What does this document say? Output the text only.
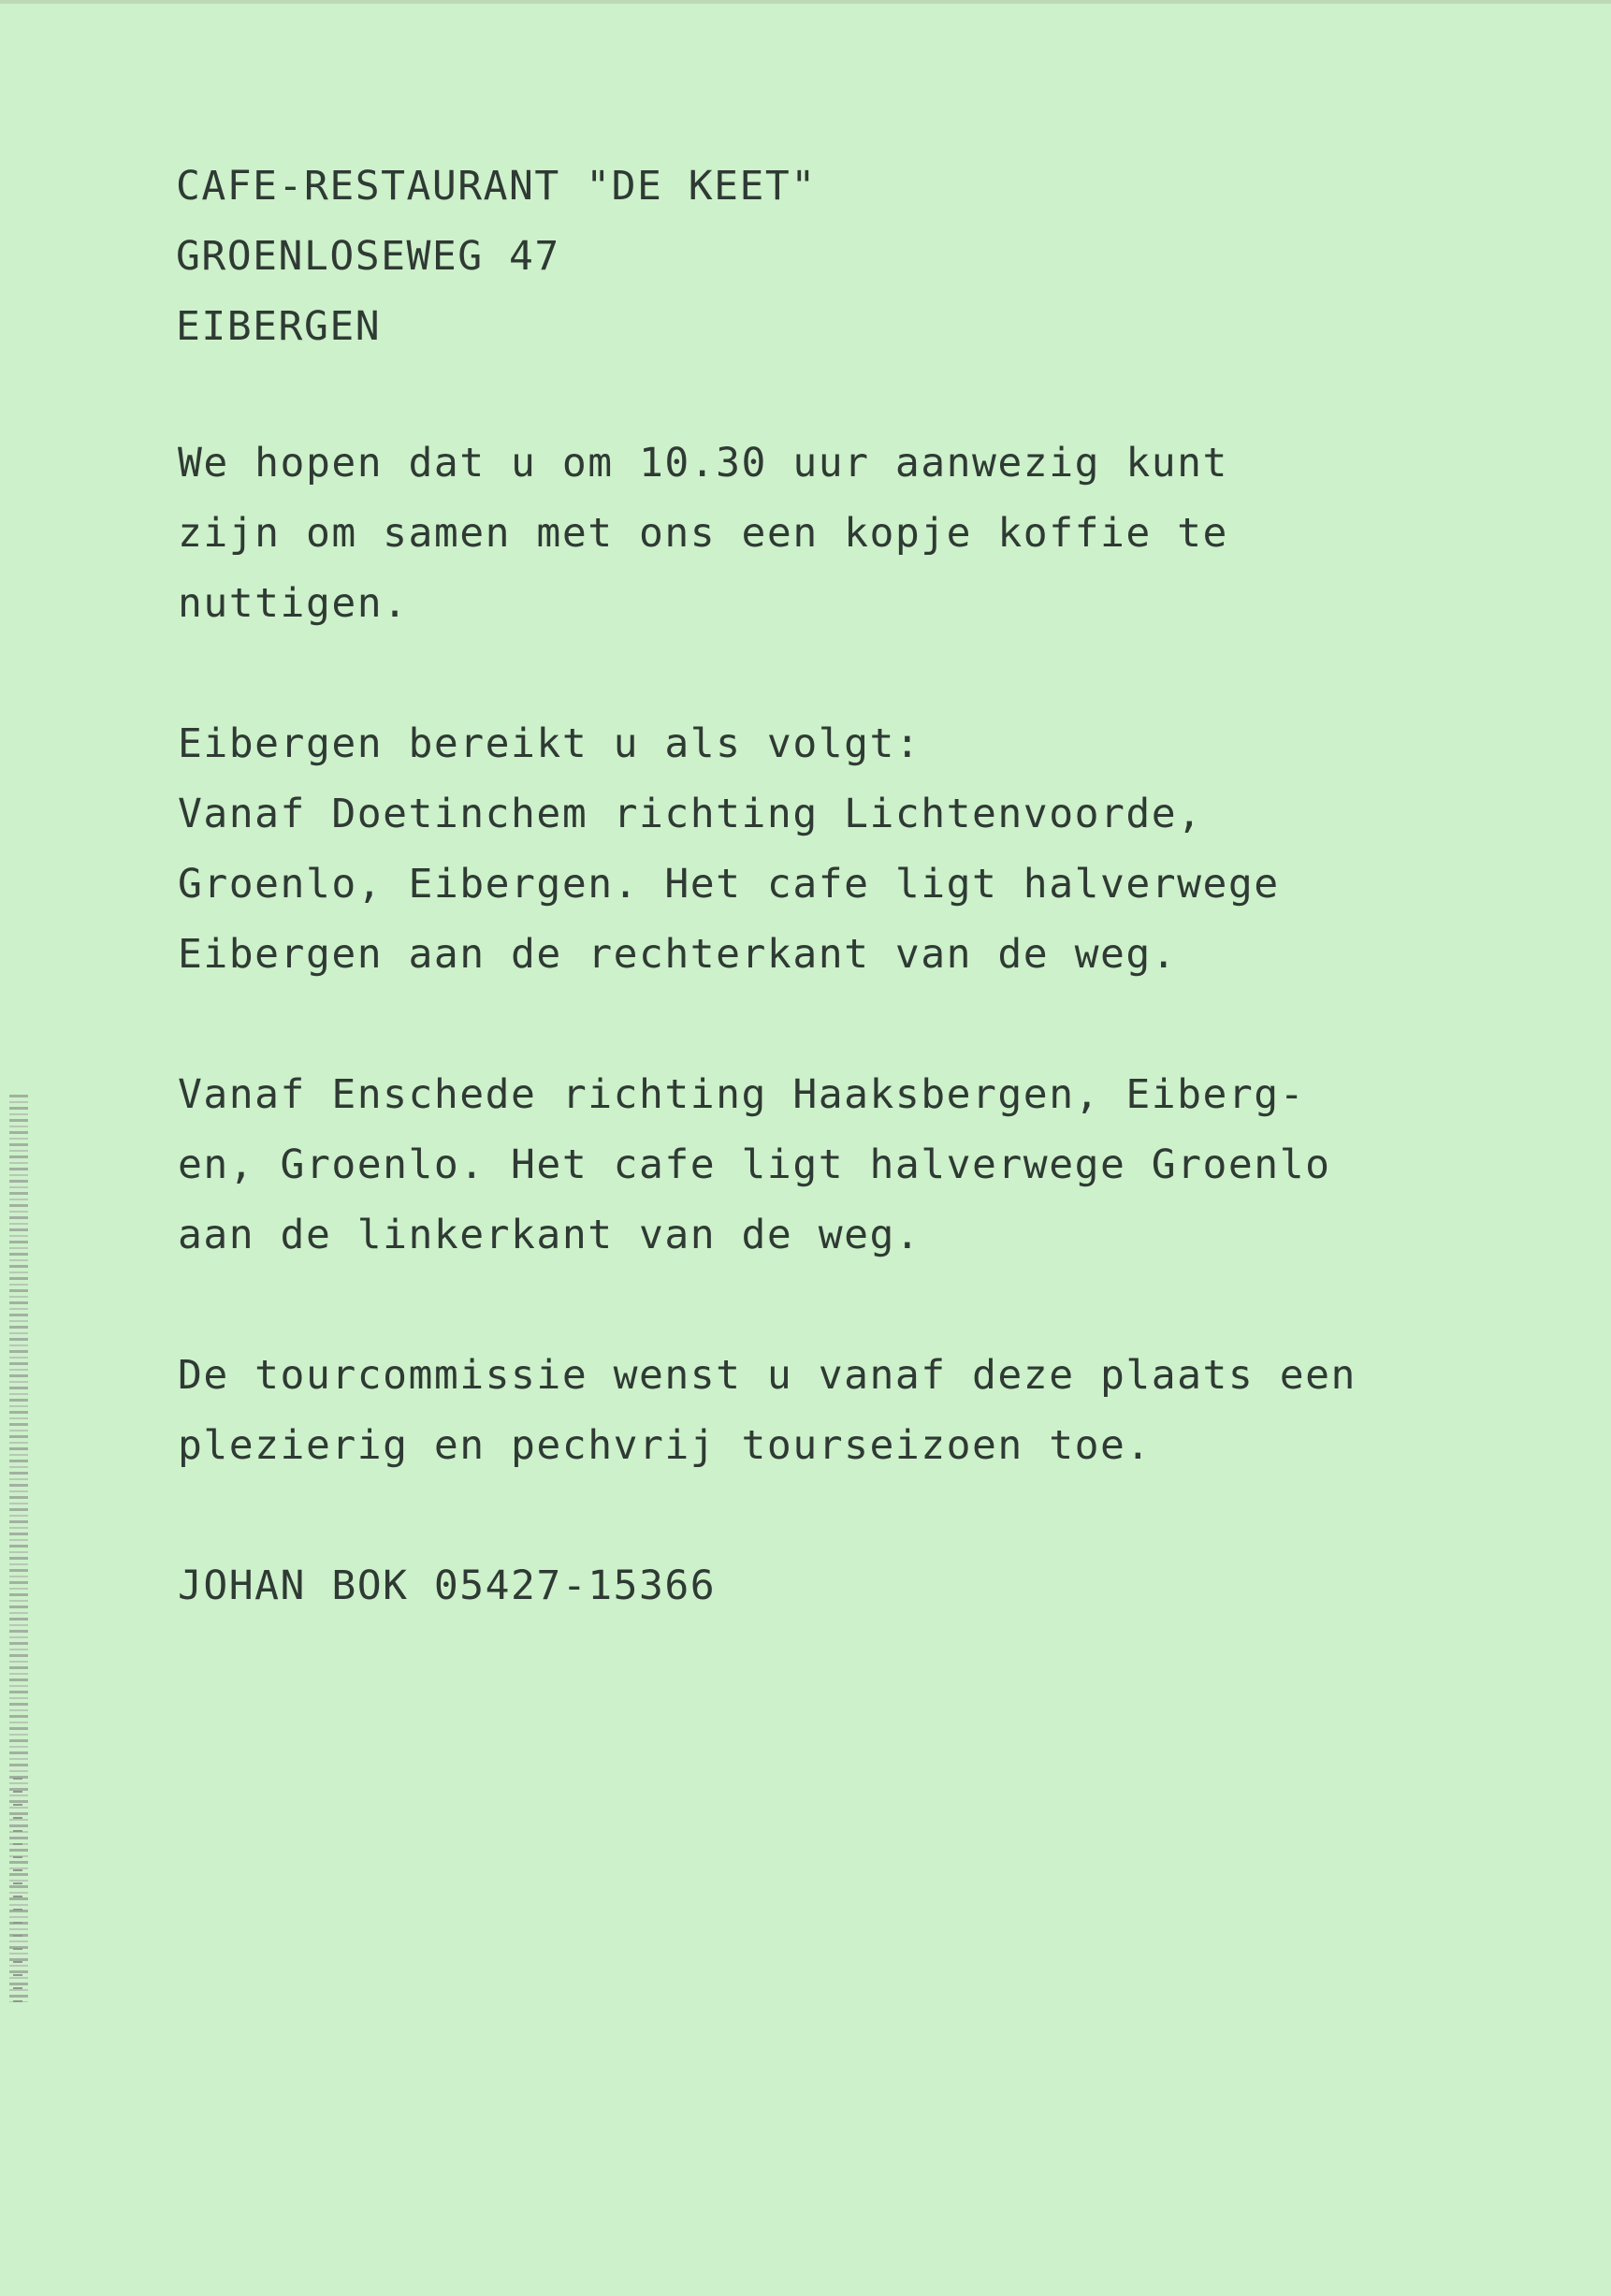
CAFE-RESTAURANT "DE KEET"
GROENLOSEWEG 47
EIBERGEN
We hopen dat u om 10.30 uur aanwezig kunt
zijn om samen met ons een kopje koffie te
nuttigen.
Eibergen bereikt u als volgt:
Vanaf Doetinchem richting Lichtenvoorde,
Groenlo, Eibergen. Het cafe ligt halverwege
Eibergen aan de rechterkant van de weg.
Vanaf Enschede richting Haaksbergen, Eiberg-
en, Groenlo. Het cafe ligt halverwege Groenlo
aan de linkerkant van de weg.
De tourcommissie wenst u vanaf deze plaats een
plezierig en pechvrij tourseizoen toe.
JOHAN BOK 05427-15366
